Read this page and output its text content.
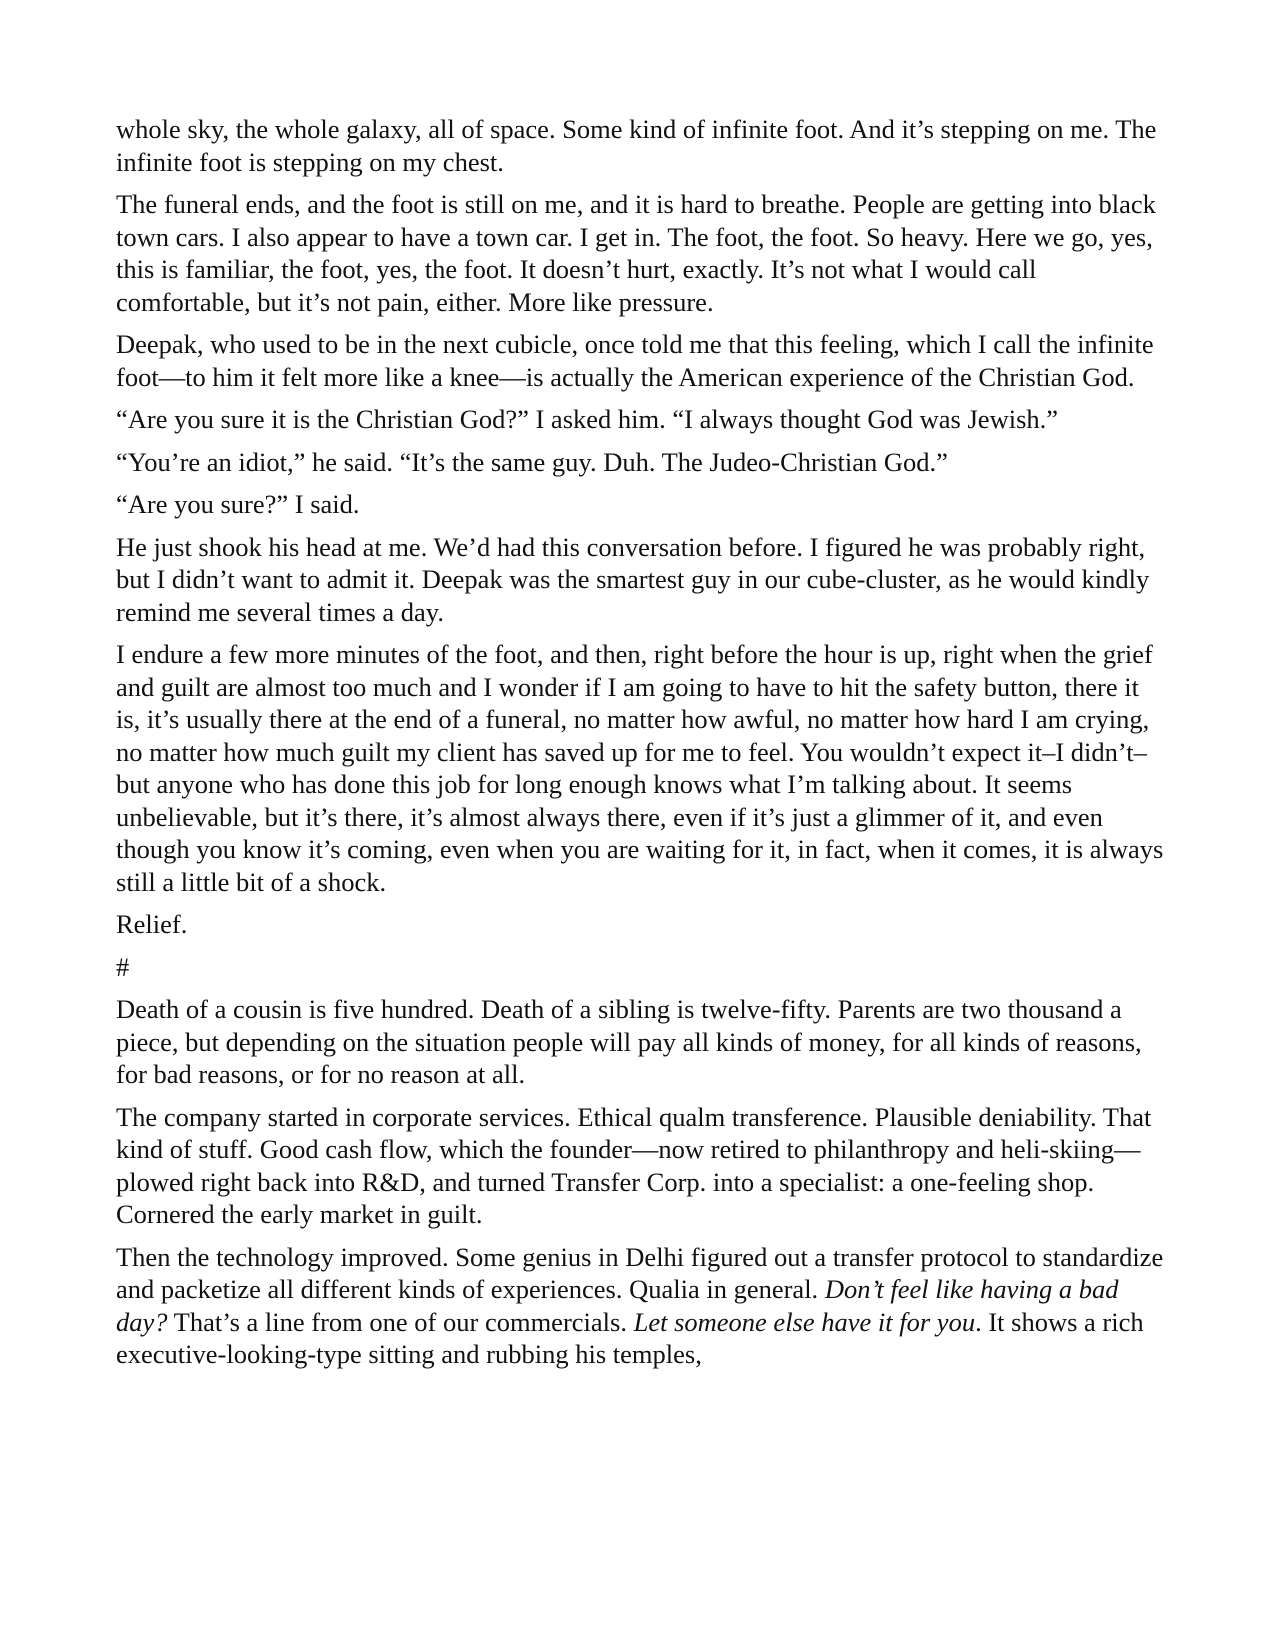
whole sky, the whole galaxy, all of space. Some kind of infinite foot. And it’s stepping on me. The infinite foot is stepping on my chest.

The funeral ends, and the foot is still on me, and it is hard to breathe. People are getting into black town cars. I also appear to have a town car. I get in. The foot, the foot. So heavy. Here we go, yes, this is familiar, the foot, yes, the foot. It doesn’t hurt, exactly. It’s not what I would call comfortable, but it’s not pain, either. More like pressure.

Deepak, who used to be in the next cubicle, once told me that this feeling, which I call the infinite foot—to him it felt more like a knee—is actually the American experience of the Christian God.

“Are you sure it is the Christian God?” I asked him. “I always thought God was Jewish.”

“You’re an idiot,” he said. “It’s the same guy. Duh. The Judeo-Christian God.”

“Are you sure?” I said.

He just shook his head at me. We’d had this conversation before. I figured he was probably right, but I didn’t want to admit it. Deepak was the smartest guy in our cube-cluster, as he would kindly remind me several times a day.

I endure a few more minutes of the foot, and then, right before the hour is up, right when the grief and guilt are almost too much and I wonder if I am going to have to hit the safety button, there it is, it’s usually there at the end of a funeral, no matter how awful, no matter how hard I am crying, no matter how much guilt my client has saved up for me to feel. You wouldn’t expect it–I didn’t–but anyone who has done this job for long enough knows what I’m talking about. It seems unbelievable, but it’s there, it’s almost always there, even if it’s just a glimmer of it, and even though you know it’s coming, even when you are waiting for it, in fact, when it comes, it is always still a little bit of a shock.

Relief.

#

Death of a cousin is five hundred. Death of a sibling is twelve-fifty. Parents are two thousand a piece, but depending on the situation people will pay all kinds of money, for all kinds of reasons, for bad reasons, or for no reason at all.

The company started in corporate services. Ethical qualm transference. Plausible deniability. That kind of stuff. Good cash flow, which the founder—now retired to philanthropy and heli-skiing—plowed right back into R&D, and turned Transfer Corp. into a specialist: a one-feeling shop. Cornered the early market in guilt.

Then the technology improved. Some genius in Delhi figured out a transfer protocol to standardize and packetize all different kinds of experiences. Qualia in general. Don’t feel like having a bad day? That’s a line from one of our commercials. Let someone else have it for you. It shows a rich executive-looking-type sitting and rubbing his temples,
